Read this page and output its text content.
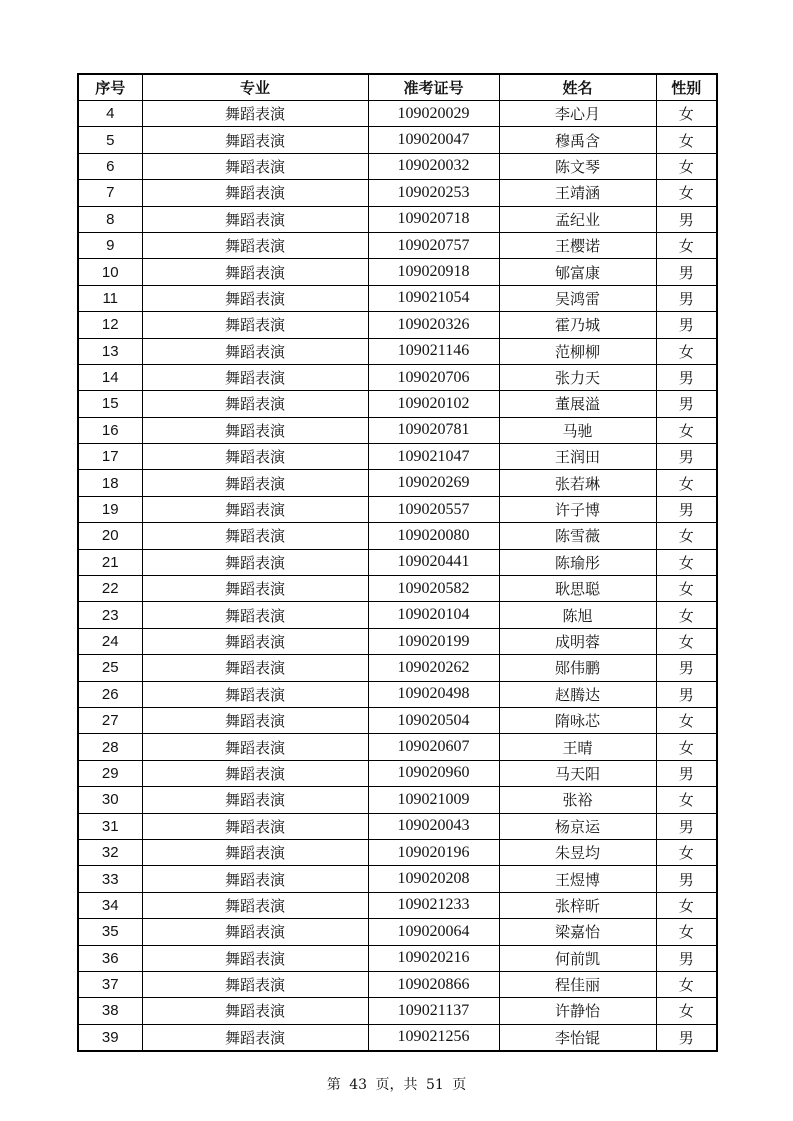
序号	专业	准考证号	姓名	性别
4	舞蹈表演	109020029	李心月	女
5	舞蹈表演	109020047	穆禹含	女
6	舞蹈表演	109020032	陈文琴	女
7	舞蹈表演	109020253	王靖涵	女
8	舞蹈表演	109020718	孟纪业	男
9	舞蹈表演	109020757	王樱诺	女
10	舞蹈表演	109020918	郇富康	男
11	舞蹈表演	109021054	吴鸿雷	男
12	舞蹈表演	109020326	霍乃城	男
13	舞蹈表演	109021146	范柳柳	女
14	舞蹈表演	109020706	张力天	男
15	舞蹈表演	109020102	董展溢	男
16	舞蹈表演	109020781	马驰	女
17	舞蹈表演	109021047	王润田	男
18	舞蹈表演	109020269	张若琳	女
19	舞蹈表演	109020557	许子博	男
20	舞蹈表演	109020080	陈雪薇	女
21	舞蹈表演	109020441	陈瑜彤	女
22	舞蹈表演	109020582	耿思聪	女
23	舞蹈表演	109020104	陈旭	女
24	舞蹈表演	109020199	成明蓉	女
25	舞蹈表演	109020262	郧伟鹏	男
26	舞蹈表演	109020498	赵腾达	男
27	舞蹈表演	109020504	隋咏芯	女
28	舞蹈表演	109020607	王晴	女
29	舞蹈表演	109020960	马天阳	男
30	舞蹈表演	109021009	张裕	女
31	舞蹈表演	109020043	杨京运	男
32	舞蹈表演	109020196	朱昱均	女
33	舞蹈表演	109020208	王煜博	男
34	舞蹈表演	109021233	张梓昕	女
35	舞蹈表演	109020064	梁嘉怡	女
36	舞蹈表演	109020216	何前凯	男
37	舞蹈表演	109020866	程佳丽	女
38	舞蹈表演	109021137	许静怡	女
39	舞蹈表演	109021256	李怡锟	男
第 43 页，共 51 页
